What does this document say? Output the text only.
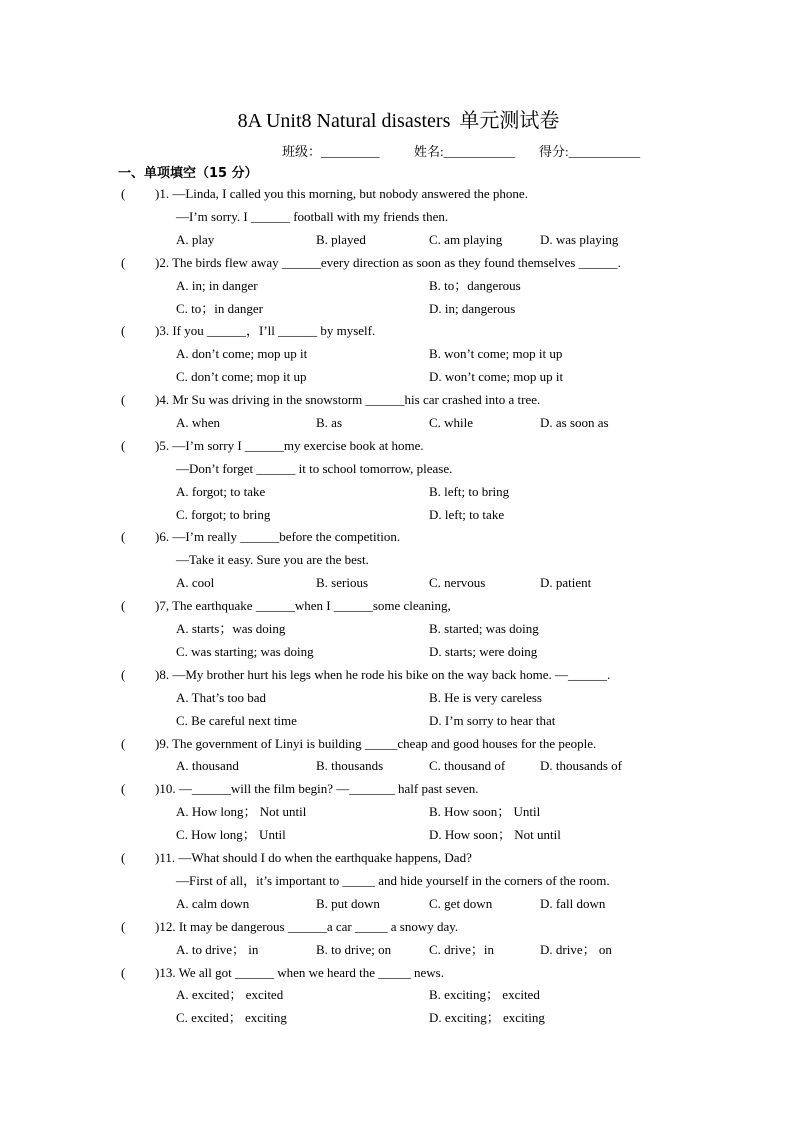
8A Unit8 Natural disasters 单元测试卷
班级：_________	姓名:___________ 得分:___________
一、单项填空（15 分）
( )1. —Linda, I called you this morning, but nobody answered the phone.
—I’m sorry. I ______ football with my friends then.
A. play	B. played	C. am playing	D. was playing
( )2. The birds flew away ______every direction as soon as they found themselves ______.
A. in; in danger	B. to；dangerous
C. to；in danger	D. in; dangerous
( )3. If you ______，I’ll ______ by myself.
A. don’t come; mop up it	B. won’t come; mop it up
C. don’t come; mop it up	D. won’t come; mop up it
( )4. Mr Su was driving in the snowstorm ______his car crashed into a tree.
A. when	B. as	C. while	D. as soon as
( )5. —I’m sorry I ______my exercise book at home.
—Don’t forget ______ it to school tomorrow, please.
A. forgot; to take	B. left; to bring
C. forgot; to bring	D. left; to take
( )6. —I’m really ______before the competition.
—Take it easy. Sure you are the best.
A. cool	B. serious	C. nervous	D. patient
( )7, The earthquake ______when I ______some cleaning,
A. starts；was doing	B. started; was doing
C. was starting; was doing	D. starts; were doing
( )8. —My brother hurt his legs when he rode his bike on the way back home. —______.
A. That’s too bad	B. He is very careless
C. Be careful next time	D. I’m sorry to hear that
( )9. The government of Linyi is building _____cheap and good houses for the people.
A. thousand	B. thousands	C. thousand of	D. thousands of
( )10. —______will the film begin? —_______ half past seven.
A. How long； Not until	B. How soon； Until
C. How long； Until	D. How soon； Not until
( )11. —What should I do when the earthquake happens, Dad?
—First of all，it’s important to _____ and hide yourself in the corners of the room.
A. calm down	B. put down	C. get down	D. fall down
( )12. It may be dangerous ______a car _____ a snowy day.
A. to drive； in	B. to drive; on	C. drive；in	D. drive； on
( )13. We all got ______ when we heard the _____ news.
A. excited； excited	B. exciting； excited
C. excited； exciting	D. exciting； exciting
